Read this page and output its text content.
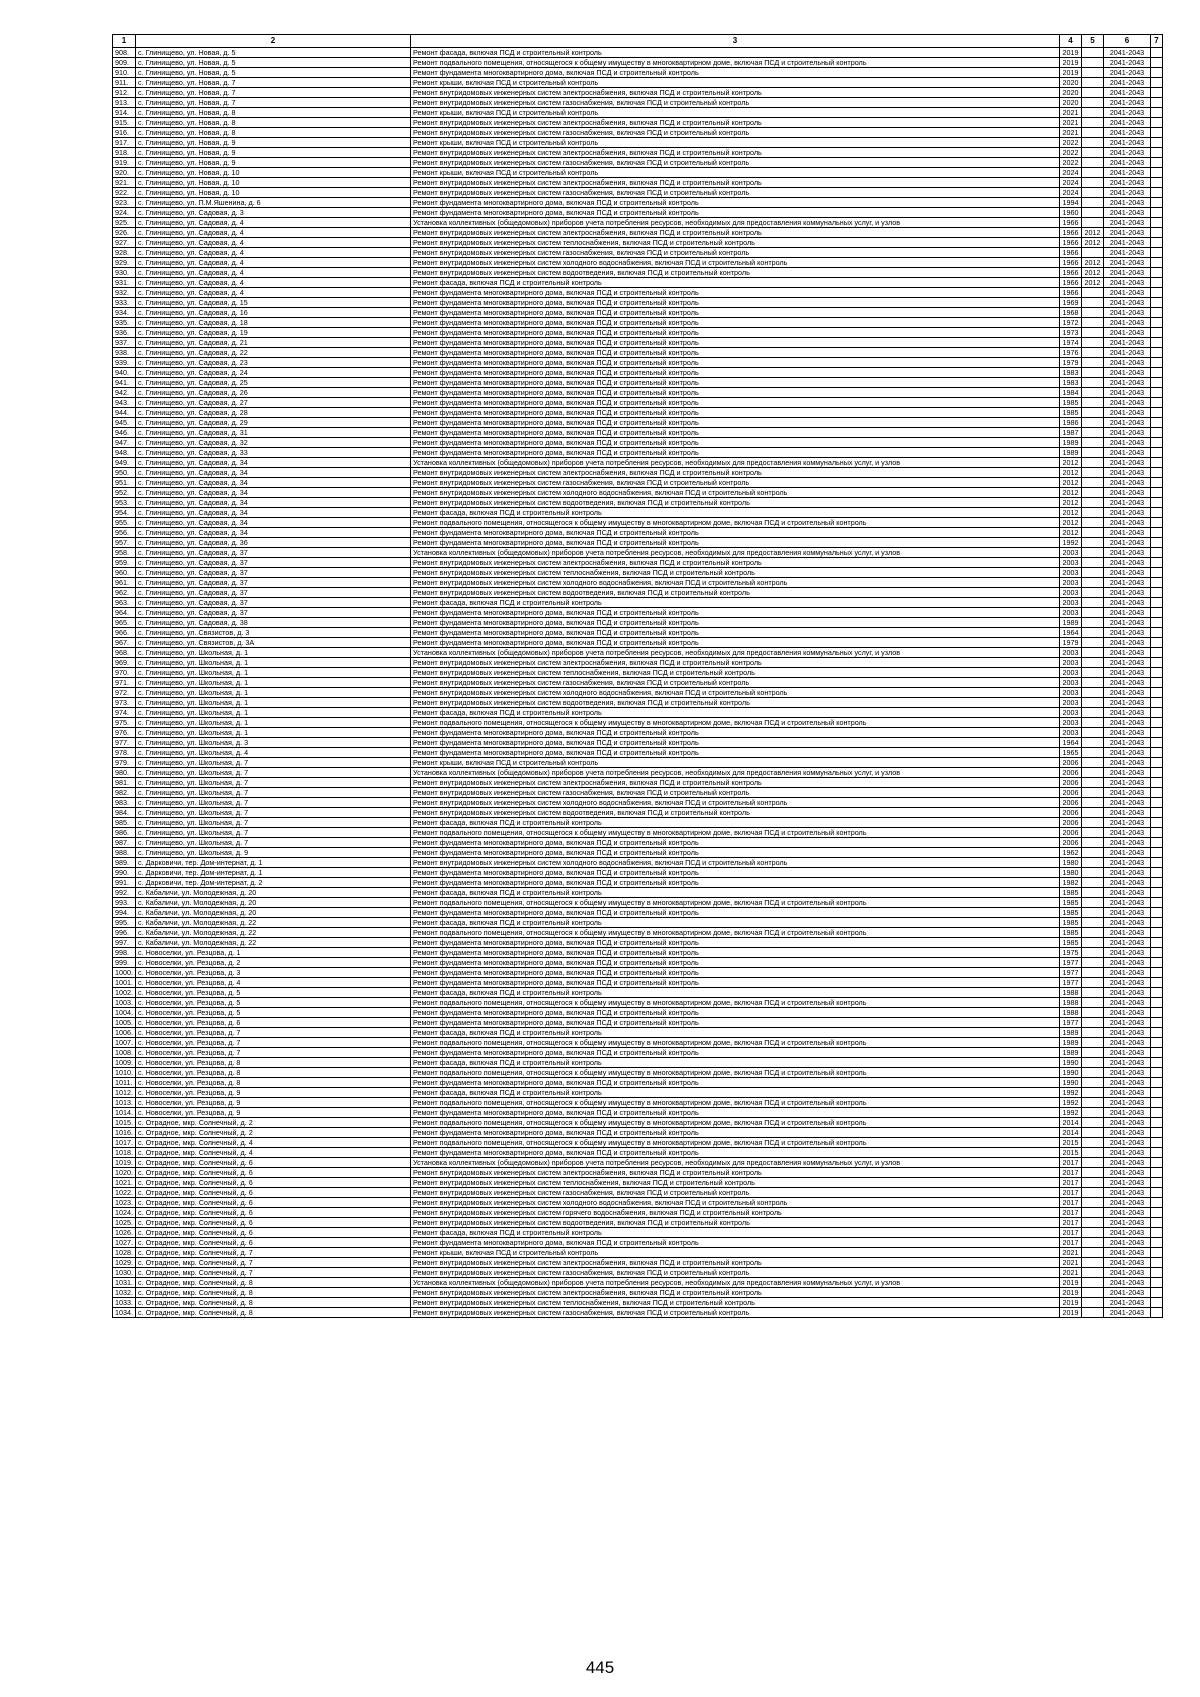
1	2	3	4	5	6	7
908.	с. Глинищево, ул. Новая, д. 5	Ремонт фасада, включая ПСД и строительный контроль	2019		2041-2043	
909.	с. Глинищево, ул. Новая, д. 5	Ремонт подвального помещения, относящегося к общему имуществу в многоквартирном доме, включая ПСД и строительный контроль	2019		2041-2043	
910.	с. Глинищево, ул. Новая, д. 5	Ремонт фундамента многоквартирного дома, включая ПСД и строительный контроль	2019		2041-2043	
911.	с. Глинищево, ул. Новая, д. 7	Ремонт крыши, включая ПСД и строительный контроль	2020		2041-2043	
912.	с. Глинищево, ул. Новая, д. 7	Ремонт внутридомовых инженерных систем электроснабжения, включая ПСД и строительный контроль	2020		2041-2043	
913.	с. Глинищево, ул. Новая, д. 7	Ремонт внутридомовых инженерных систем газоснабжения, включая ПСД и строительный контроль	2020		2041-2043	
914.	с. Глинищево, ул. Новая, д. 8	Ремонт крыши, включая ПСД и строительный контроль	2021		2041-2043	
915.	с. Глинищево, ул. Новая, д. 8	Ремонт внутридомовых инженерных систем электроснабжения, включая ПСД и строительный контроль	2021		2041-2043	
916.	с. Глинищево, ул. Новая, д. 8	Ремонт внутридомовых инженерных систем газоснабжения, включая ПСД и строительный контроль	2021		2041-2043	
917.	с. Глинищево, ул. Новая, д. 9	Ремонт крыши, включая ПСД и строительный контроль	2022		2041-2043	
918.	с. Глинищево, ул. Новая, д. 9	Ремонт внутридомовых инженерных систем электроснабжения, включая ПСД и строительный контроль	2022		2041-2043	
919.	с. Глинищево, ул. Новая, д. 9	Ремонт внутридомовых инженерных систем газоснабжения, включая ПСД и строительный контроль	2022		2041-2043	
920.	с. Глинищево, ул. Новая, д. 10	Ремонт крыши, включая ПСД и строительный контроль	2024		2041-2043	
921.	с. Глинищево, ул. Новая, д. 10	Ремонт внутридомовых инженерных систем электроснабжения, включая ПСД и строительный контроль	2024		2041-2043	
922.	с. Глинищево, ул. Новая, д. 10	Ремонт внутридомовых инженерных систем газоснабжения, включая ПСД и строительный контроль	2024		2041-2043	
923.	с. Глинищево, ул. П.М.Яшенина, д. 6	Ремонт фундамента многоквартирного дома, включая ПСД и строительный контроль	1994		2041-2043	
924.	с. Глинищево, ул. Садовая, д. 3	Ремонт фундамента многоквартирного дома, включая ПСД и строительный контроль	1960		2041-2043	
925.	с. Глинищево, ул. Садовая, д. 4	Установка коллективных (общедомовых) приборов учета потребления ресурсов, необходимых для предоставления коммунальных услуг, и узлов	1966		2041-2043	
926.	с. Глинищево, ул. Садовая, д. 4	Ремонт внутридомовых инженерных систем электроснабжения, включая ПСД и строительный контроль	1966	2012	2041-2043	
927.	с. Глинищево, ул. Садовая, д. 4	Ремонт внутридомовых инженерных систем теплоснабжения, включая ПСД и строительный контроль	1966	2012	2041-2043	
928.	с. Глинищево, ул. Садовая, д. 4	Ремонт внутридомовых инженерных систем газоснабжения, включая ПСД и строительный контроль	1966		2041-2043	
929.	с. Глинищево, ул. Садовая, д. 4	Ремонт внутридомовых инженерных систем холодного водоснабжения, включая ПСД и строительный контроль	1966	2012	2041-2043	
930.	с. Глинищево, ул. Садовая, д. 4	Ремонт внутридомовых инженерных систем водоотведения, включая ПСД и строительный контроль	1966	2012	2041-2043	
931.	с. Глинищево, ул. Садовая, д. 4	Ремонт фасада, включая ПСД и строительный контроль	1966	2012	2041-2043	
932.	с. Глинищево, ул. Садовая, д. 4	Ремонт фундамента многоквартирного дома, включая ПСД и строительный контроль	1966		2041-2043	
933.	с. Глинищево, ул. Садовая, д. 15	Ремонт фундамента многоквартирного дома, включая ПСД и строительный контроль	1969		2041-2043	
934.	с. Глинищево, ул. Садовая, д. 16	Ремонт фундамента многоквартирного дома, включая ПСД и строительный контроль	1968		2041-2043	
935.	с. Глинищево, ул. Садовая, д. 18	Ремонт фундамента многоквартирного дома, включая ПСД и строительный контроль	1972		2041-2043	
936.	с. Глинищево, ул. Садовая, д. 19	Ремонт фундамента многоквартирного дома, включая ПСД и строительный контроль	1973		2041-2043	
937.	с. Глинищево, ул. Садовая, д. 21	Ремонт фундамента многоквартирного дома, включая ПСД и строительный контроль	1974		2041-2043	
938.	с. Глинищево, ул. Садовая, д. 22	Ремонт фундамента многоквартирного дома, включая ПСД и строительный контроль	1976		2041-2043	
939.	с. Глинищево, ул. Садовая, д. 23	Ремонт фундамента многоквартирного дома, включая ПСД и строительный контроль	1979		2041-2043	
940.	с. Глинищево, ул. Садовая, д. 24	Ремонт фундамента многоквартирного дома, включая ПСД и строительный контроль	1983		2041-2043	
941.	с. Глинищево, ул. Садовая, д. 25	Ремонт фундамента многоквартирного дома, включая ПСД и строительный контроль	1983		2041-2043	
942.	с. Глинищево, ул. Садовая, д. 26	Ремонт фундамента многоквартирного дома, включая ПСД и строительный контроль	1984		2041-2043	
943.	с. Глинищево, ул. Садовая, д. 27	Ремонт фундамента многоквартирного дома, включая ПСД и строительный контроль	1985		2041-2043	
944.	с. Глинищево, ул. Садовая, д. 28	Ремонт фундамента многоквартирного дома, включая ПСД и строительный контроль	1985		2041-2043	
945.	с. Глинищево, ул. Садовая, д. 29	Ремонт фундамента многоквартирного дома, включая ПСД и строительный контроль	1986		2041-2043	
946.	с. Глинищево, ул. Садовая, д. 31	Ремонт фундамента многоквартирного дома, включая ПСД и строительный контроль	1987		2041-2043	
947.	с. Глинищево, ул. Садовая, д. 32	Ремонт фундамента многоквартирного дома, включая ПСД и строительный контроль	1989		2041-2043	
948.	с. Глинищево, ул. Садовая, д. 33	Ремонт фундамента многоквартирного дома, включая ПСД и строительный контроль	1989		2041-2043	
949.	с. Глинищево, ул. Садовая, д. 34	Установка коллективных (общедомовых) приборов учета потребления ресурсов, необходимых для предоставления коммунальных услуг, и узлов	2012		2041-2043	
950.	с. Глинищево, ул. Садовая, д. 34	Ремонт внутридомовых инженерных систем электроснабжения, включая ПСД и строительный контроль	2012		2041-2043	
951.	с. Глинищево, ул. Садовая, д. 34	Ремонт внутридомовых инженерных систем газоснабжения, включая ПСД и строительный контроль	2012		2041-2043	
952.	с. Глинищево, ул. Садовая, д. 34	Ремонт внутридомовых инженерных систем холодного водоснабжения, включая ПСД и строительный контроль	2012		2041-2043	
953.	с. Глинищево, ул. Садовая, д. 34	Ремонт внутридомовых инженерных систем водоотведения, включая ПСД и строительный контроль	2012		2041-2043	
954.	с. Глинищево, ул. Садовая, д. 34	Ремонт фасада, включая ПСД и строительный контроль	2012		2041-2043	
955.	с. Глинищево, ул. Садовая, д. 34	Ремонт подвального помещения, относящегося к общему имуществу в многоквартирном доме, включая ПСД и строительный контроль	2012		2041-2043	
956.	с. Глинищево, ул. Садовая, д. 34	Ремонт фундамента многоквартирного дома, включая ПСД и строительный контроль	2012		2041-2043	
957.	с. Глинищево, ул. Садовая, д. 36	Ремонт фундамента многоквартирного дома, включая ПСД и строительный контроль	1992		2041-2043	
958.	с. Глинищево, ул. Садовая, д. 37	Установка коллективных (общедомовых) приборов учета потребления ресурсов, необходимых для предоставления коммунальных услуг, и узлов	2003		2041-2043	
959.	с. Глинищево, ул. Садовая, д. 37	Ремонт внутридомовых инженерных систем электроснабжения, включая ПСД и строительный контроль	2003		2041-2043	
960.	с. Глинищево, ул. Садовая, д. 37	Ремонт внутридомовых инженерных систем теплоснабжения, включая ПСД и строительный контроль	2003		2041-2043	
961.	с. Глинищево, ул. Садовая, д. 37	Ремонт внутридомовых инженерных систем холодного водоснабжения, включая ПСД и строительный контроль	2003		2041-2043	
962.	с. Глинищево, ул. Садовая, д. 37	Ремонт внутридомовых инженерных систем водоотведения, включая ПСД и строительный контроль	2003		2041-2043	
963.	с. Глинищево, ул. Садовая, д. 37	Ремонт фасада, включая ПСД и строительный контроль	2003		2041-2043	
964.	с. Глинищево, ул. Садовая, д. 37	Ремонт фундамента многоквартирного дома, включая ПСД и строительный контроль	2003		2041-2043	
965.	с. Глинищево, ул. Садовая, д. 38	Ремонт фундамента многоквартирного дома, включая ПСД и строительный контроль	1989		2041-2043	
966.	с. Глинищево, ул. Связистов, д. 3	Ремонт фундамента многоквартирного дома, включая ПСД и строительный контроль	1964		2041-2043	
967.	с. Глинищево, ул. Связистов, д. 3А	Ремонт фундамента многоквартирного дома, включая ПСД и строительный контроль	1979		2041-2043	
968.	с. Глинищево, ул. Школьная, д. 1	Установка коллективных (общедомовых) приборов учета потребления ресурсов, необходимых для предоставления коммунальных услуг, и узлов	2003		2041-2043	
969.	с. Глинищево, ул. Школьная, д. 1	Ремонт внутридомовых инженерных систем электроснабжения, включая ПСД и строительный контроль	2003		2041-2043	
970.	с. Глинищево, ул. Школьная, д. 1	Ремонт внутридомовых инженерных систем теплоснабжения, включая ПСД и строительный контроль	2003		2041-2043	
971.	с. Глинищево, ул. Школьная, д. 1	Ремонт внутридомовых инженерных систем газоснабжения, включая ПСД и строительный контроль	2003		2041-2043	
972.	с. Глинищево, ул. Школьная, д. 1	Ремонт внутридомовых инженерных систем холодного водоснабжения, включая ПСД и строительный контроль	2003		2041-2043	
973.	с. Глинищево, ул. Школьная, д. 1	Ремонт внутридомовых инженерных систем водоотведения, включая ПСД и строительный контроль	2003		2041-2043	
974.	с. Глинищево, ул. Школьная, д. 1	Ремонт фасада, включая ПСД и строительный контроль	2003		2041-2043	
975.	с. Глинищево, ул. Школьная, д. 1	Ремонт подвального помещения, относящегося к общему имуществу в многоквартирном доме, включая ПСД и строительный контроль	2003		2041-2043	
976.	с. Глинищево, ул. Школьная, д. 1	Ремонт фундамента многоквартирного дома, включая ПСД и строительный контроль	2003		2041-2043	
977.	с. Глинищево, ул. Школьная, д. 3	Ремонт фундамента многоквартирного дома, включая ПСД и строительный контроль	1964		2041-2043	
978.	с. Глинищево, ул. Школьная, д. 4	Ремонт фундамента многоквартирного дома, включая ПСД и строительный контроль	1965		2041-2043	
979.	с. Глинищево, ул. Школьная, д. 7	Ремонт крыши, включая ПСД и строительный контроль	2006		2041-2043	
980.	с. Глинищево, ул. Школьная, д. 7	Установка коллективных (общедомовых) приборов учета потребления ресурсов, необходимых для предоставления коммунальных услуг, и узлов	2006		2041-2043	
981.	с. Глинищево, ул. Школьная, д. 7	Ремонт внутридомовых инженерных систем электроснабжения, включая ПСД и строительный контроль	2006		2041-2043	
982.	с. Глинищево, ул. Школьная, д. 7	Ремонт внутридомовых инженерных систем газоснабжения, включая ПСД и строительный контроль	2006		2041-2043	
983.	с. Глинищево, ул. Школьная, д. 7	Ремонт внутридомовых инженерных систем холодного водоснабжения, включая ПСД и строительный контроль	2006		2041-2043	
984.	с. Глинищево, ул. Школьная, д. 7	Ремонт внутридомовых инженерных систем водоотведения, включая ПСД и строительный контроль	2006		2041-2043	
985.	с. Глинищево, ул. Школьная, д. 7	Ремонт фасада, включая ПСД и строительный контроль	2006		2041-2043	
986.	с. Глинищево, ул. Школьная, д. 7	Ремонт подвального помещения, относящегося к общему имуществу в многоквартирном доме, включая ПСД и строительный контроль	2006		2041-2043	
987.	с. Глинищево, ул. Школьная, д. 7	Ремонт фундамента многоквартирного дома, включая ПСД и строительный контроль	2006		2041-2043	
988.	с. Глинищево, ул. Школьная, д. 9	Ремонт фундамента многоквартирного дома, включая ПСД и строительный контроль	1962		2041-2043	
989.	с. Дарковичи, тер. Дом-интернат, д. 1	Ремонт внутридомовых инженерных систем холодного водоснабжения, включая ПСД и строительный контроль	1980		2041-2043	
990.	с. Дарковичи, тер. Дом-интернат, д. 1	Ремонт фундамента многоквартирного дома, включая ПСД и строительный контроль	1980		2041-2043	
991.	с. Дарковичи, тер. Дом-интернат, д. 2	Ремонт фундамента многоквартирного дома, включая ПСД и строительный контроль	1982		2041-2043	
992.	с. Кабаличи, ул. Молодежная, д. 20	Ремонт фасада, включая ПСД и строительный контроль	1985		2041-2043	
993.	с. Кабаличи, ул. Молодежная, д. 20	Ремонт подвального помещения, относящегося к общему имуществу в многоквартирном доме, включая ПСД и строительный контроль	1985		2041-2043	
994.	с. Кабаличи, ул. Молодежная, д. 20	Ремонт фундамента многоквартирного дома, включая ПСД и строительный контроль	1985		2041-2043	
995.	с. Кабаличи, ул. Молодежная, д. 22	Ремонт фасада, включая ПСД и строительный контроль	1985		2041-2043	
996.	с. Кабаличи, ул. Молодежная, д. 22	Ремонт подвального помещения, относящегося к общему имуществу в многоквартирном доме, включая ПСД и строительный контроль	1985		2041-2043	
997.	с. Кабаличи, ул. Молодежная, д. 22	Ремонт фундамента многоквартирного дома, включая ПСД и строительный контроль	1985		2041-2043	
998.	с. Новоселки, ул. Резцова, д. 1	Ремонт фундамента многоквартирного дома, включая ПСД и строительный контроль	1975		2041-2043	
999.	с. Новоселки, ул. Резцова, д. 2	Ремонт фундамента многоквартирного дома, включая ПСД и строительный контроль	1977		2041-2043	
1000.	с. Новоселки, ул. Резцова, д. 3	Ремонт фундамента многоквартирного дома, включая ПСД и строительный контроль	1977		2041-2043	
1001.	с. Новоселки, ул. Резцова, д. 4	Ремонт фундамента многоквартирного дома, включая ПСД и строительный контроль	1977		2041-2043	
1002.	с. Новоселки, ул. Резцова, д. 5	Ремонт фасада, включая ПСД и строительный контроль	1988		2041-2043	
1003.	с. Новоселки, ул. Резцова, д. 5	Ремонт подвального помещения, относящегося к общему имуществу в многоквартирном доме, включая ПСД и строительный контроль	1988		2041-2043	
1004.	с. Новоселки, ул. Резцова, д. 5	Ремонт фундамента многоквартирного дома, включая ПСД и строительный контроль	1988		2041-2043	
1005.	с. Новоселки, ул. Резцова, д. 6	Ремонт фундамента многоквартирного дома, включая ПСД и строительный контроль	1977		2041-2043	
1006.	с. Новоселки, ул. Резцова, д. 7	Ремонт фасада, включая ПСД и строительный контроль	1989		2041-2043	
1007.	с. Новоселки, ул. Резцова, д. 7	Ремонт подвального помещения, относящегося к общему имуществу в многоквартирном доме, включая ПСД и строительный контроль	1989		2041-2043	
1008.	с. Новоселки, ул. Резцова, д. 7	Ремонт фундамента многоквартирного дома, включая ПСД и строительный контроль	1989		2041-2043	
1009.	с. Новоселки, ул. Резцова, д. 8	Ремонт фасада, включая ПСД и строительный контроль	1990		2041-2043	
1010.	с. Новоселки, ул. Резцова, д. 8	Ремонт подвального помещения, относящегося к общему имуществу в многоквартирном доме, включая ПСД и строительный контроль	1990		2041-2043	
1011.	с. Новоселки, ул. Резцова, д. 8	Ремонт фундамента многоквартирного дома, включая ПСД и строительный контроль	1990		2041-2043	
1012.	с. Новоселки, ул. Резцова, д. 9	Ремонт фасада, включая ПСД и строительный контроль	1992		2041-2043	
1013.	с. Новоселки, ул. Резцова, д. 9	Ремонт подвального помещения, относящегося к общему имуществу в многоквартирном доме, включая ПСД и строительный контроль	1992		2041-2043	
1014.	с. Новоселки, ул. Резцова, д. 9	Ремонт фундамента многоквартирного дома, включая ПСД и строительный контроль	1992		2041-2043	
1015.	с. Отрадное, мкр. Солнечный, д. 2	Ремонт подвального помещения, относящегося к общему имуществу в многоквартирном доме, включая ПСД и строительный контроль	2014		2041-2043	
1016.	с. Отрадное, мкр. Солнечный, д. 2	Ремонт фундамента многоквартирного дома, включая ПСД и строительный контроль	2014		2041-2043	
1017.	с. Отрадное, мкр. Солнечный, д. 4	Ремонт подвального помещения, относящегося к общему имуществу в многоквартирном доме, включая ПСД и строительный контроль	2015		2041-2043	
1018.	с. Отрадное, мкр. Солнечный, д. 4	Ремонт фундамента многоквартирного дома, включая ПСД и строительный контроль	2015		2041-2043	
1019.	с. Отрадное, мкр. Солнечный, д. 6	Установка коллективных (общедомовых) приборов учета потребления ресурсов, необходимых для предоставления коммунальных услуг, и узлов	2017		2041-2043	
1020.	с. Отрадное, мкр. Солнечный, д. 6	Ремонт внутридомовых инженерных систем электроснабжения, включая ПСД и строительный контроль	2017		2041-2043	
1021.	с. Отрадное, мкр. Солнечный, д. 6	Ремонт внутридомовых инженерных систем теплоснабжения, включая ПСД и строительный контроль	2017		2041-2043	
1022.	с. Отрадное, мкр. Солнечный, д. 6	Ремонт внутридомовых инженерных систем газоснабжения, включая ПСД и строительный контроль	2017		2041-2043	
1023.	с. Отрадное, мкр. Солнечный, д. 6	Ремонт внутридомовых инженерных систем холодного водоснабжения, включая ПСД и строительный контроль	2017		2041-2043	
1024.	с. Отрадное, мкр. Солнечный, д. 6	Ремонт внутридомовых инженерных систем горячего водоснабжения, включая ПСД и строительный контроль	2017		2041-2043	
1025.	с. Отрадное, мкр. Солнечный, д. 6	Ремонт внутридомовых инженерных систем водоотведения, включая ПСД и строительный контроль	2017		2041-2043	
1026.	с. Отрадное, мкр. Солнечный, д. 6	Ремонт фасада, включая ПСД и строительный контроль	2017		2041-2043	
1027.	с. Отрадное, мкр. Солнечный, д. 6	Ремонт фундамента многоквартирного дома, включая ПСД и строительный контроль	2017		2041-2043	
1028.	с. Отрадное, мкр. Солнечный, д. 7	Ремонт крыши, включая ПСД и строительный контроль	2021		2041-2043	
1029.	с. Отрадное, мкр. Солнечный, д. 7	Ремонт внутридомовых инженерных систем электроснабжения, включая ПСД и строительный контроль	2021		2041-2043	
1030.	с. Отрадное, мкр. Солнечный, д. 7	Ремонт внутридомовых инженерных систем газоснабжения, включая ПСД и строительный контроль	2021		2041-2043	
1031.	с. Отрадное, мкр. Солнечный, д. 8	Установка коллективных (общедомовых) приборов учета потребления ресурсов, необходимых для предоставления коммунальных услуг, и узлов	2019		2041-2043	
1032.	с. Отрадное, мкр. Солнечный, д. 8	Ремонт внутридомовых инженерных систем электроснабжения, включая ПСД и строительный контроль	2019		2041-2043	
1033.	с. Отрадное, мкр. Солнечный, д. 8	Ремонт внутридомовых инженерных систем теплоснабжения, включая ПСД и строительный контроль	2019		2041-2043	
1034.	с. Отрадное, мкр. Солнечный, д. 8	Ремонт внутридомовых инженерных систем газоснабжения, включая ПСД и строительный контроль	2019		2041-2043	
445
